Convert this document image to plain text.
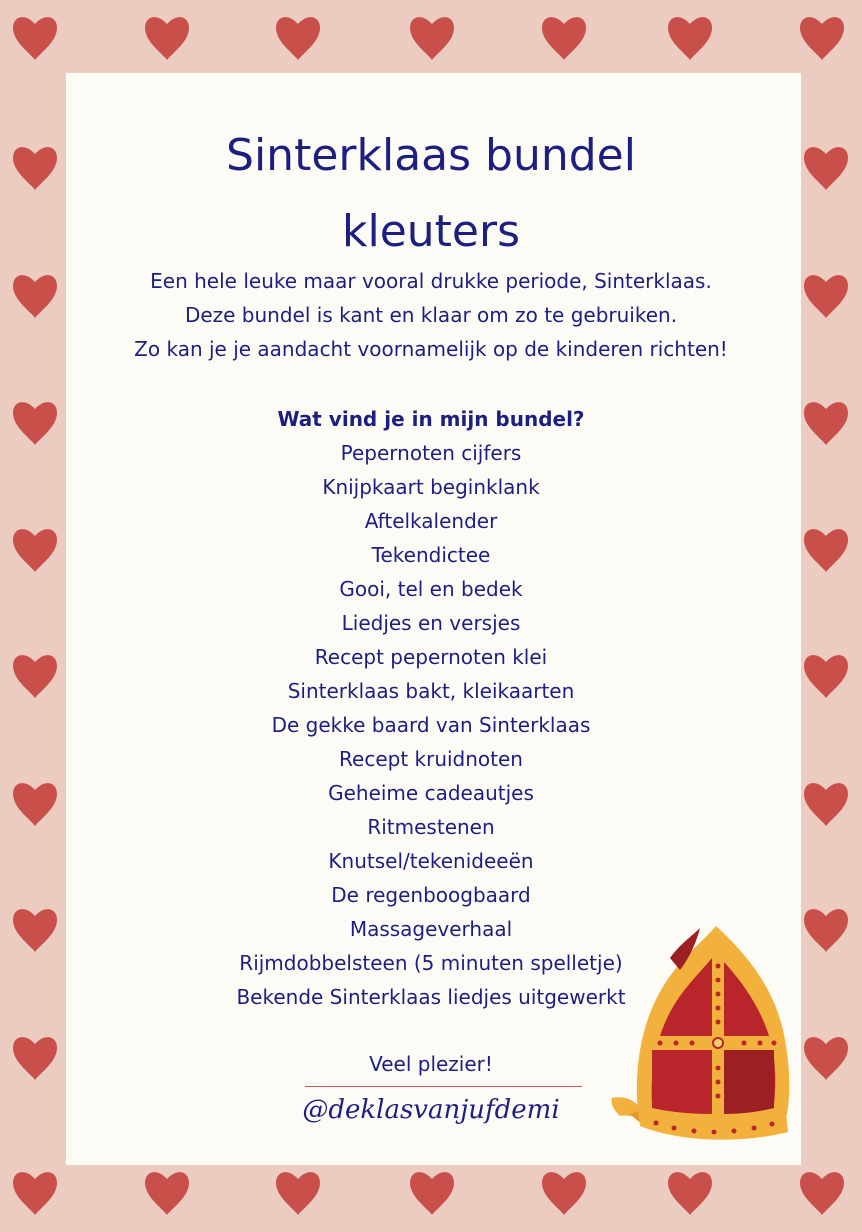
Sinterklaas bundel
kleuters
Een hele leuke maar vooral drukke periode, Sinterklaas.
Deze bundel is kant en klaar om zo te gebruiken.
Zo kan je je aandacht voornamelijk op de kinderen richten!
Wat vind je in mijn bundel?
Pepernoten cijfers
Knijpkaart beginklank
Aftelkalender
Tekendictee
Gooi, tel en bedek
Liedjes en versjes
Recept pepernoten klei
Sinterklaas bakt, kleikaarten
De gekke baard van Sinterklaas
Recept kruidnoten
Geheime cadeautjes
Ritmestenen
Knutsel/tekenideeën
De regenboogbaard
Massageverhaal
Rijmdobbelsteen (5 minuten spelletje)
Bekende Sinterklaas liedjes uitgewerkt
Veel plezier!
@deklasvanjufdemi
